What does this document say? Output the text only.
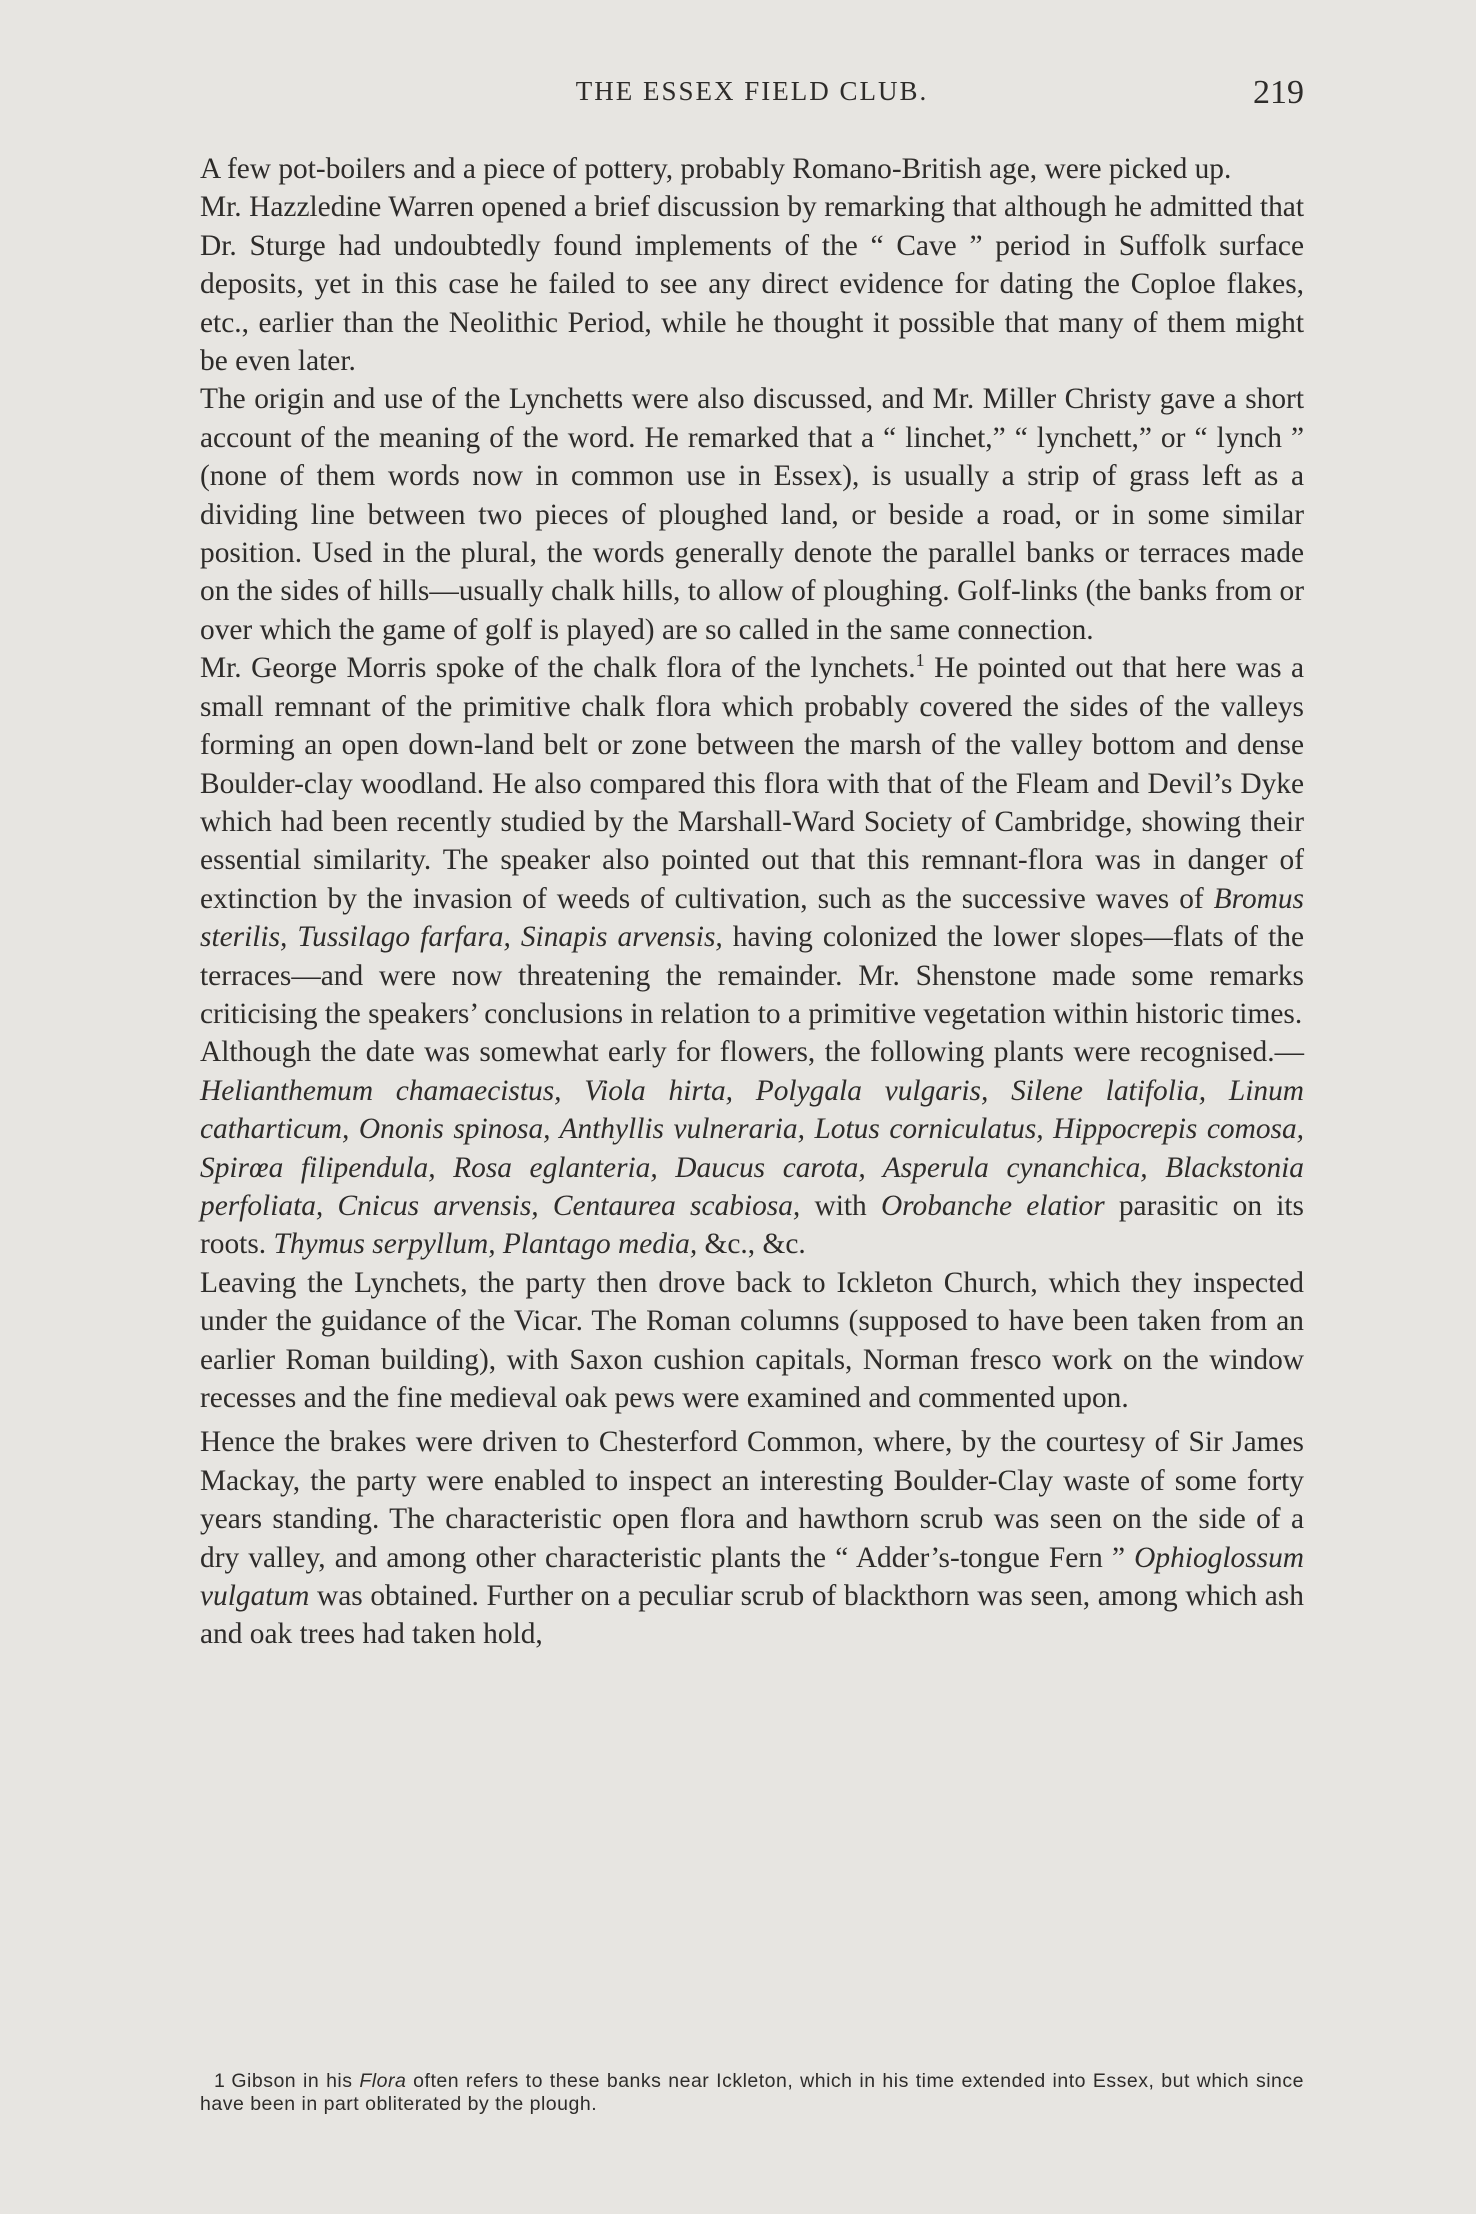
THE ESSEX FIELD CLUB.	219

A few pot-boilers and a piece of pottery, probably Romano-British age, were picked up.

Mr. Hazzledine Warren opened a brief discussion by remarking that although he admitted that Dr. Sturge had undoubtedly found implements of the “ Cave ” period in Suffolk surface deposits, yet in this case he failed to see any direct evidence for dating the Coploe flakes, etc., earlier than the Neolithic Period, while he thought it possible that many of them might be even later.

The origin and use of the Lynchetts were also discussed, and Mr. Miller Christy gave a short account of the meaning of the word. He remarked that a “ linchet,” “ lynchett,” or “ lynch ” (none of them words now in common use in Essex), is usually a strip of grass left as a dividing line between two pieces of ploughed land, or beside a road, or in some similar position. Used in the plural, the words generally denote the parallel banks or terraces made on the sides of hills—usually chalk hills, to allow of ploughing. Golf-links (the banks from or over which the game of golf is played) are so called in the same connection.

Mr. George Morris spoke of the chalk flora of the lynchets.$^1$ He pointed out that here was a small remnant of the primitive chalk flora which probably covered the sides of the valleys forming an open down-land belt or zone between the marsh of the valley bottom and dense Boulder-clay woodland. He also compared this flora with that of the Fleam and Devil’s Dyke which had been recently studied by the Marshall-Ward Society of Cambridge, showing their essential similarity. The speaker also pointed out that this remnant-flora was in danger of extinction by the invasion of weeds of cultivation, such as the successive waves of Bromus sterilis, Tussilago farfara, Sinapis arvensis, having colonized the lower slopes—flats of the terraces—and were now threatening the remainder. Mr. Shenstone made some remarks criticising the speakers’ conclusions in relation to a primitive vegetation within historic times.

Although the date was somewhat early for flowers, the following plants were recognised.—Helianthemum chamaecistus, Viola hirta, Polygala vulgaris, Silene latifolia, Linum catharticum, Ononis spinosa, Anthyllis vulneraria, Lotus corniculatus, Hippocrepis comosa, Spirœa filipendula, Rosa eglanteria, Daucus carota, Asperula cynanchica, Blackstonia perfoliata, Cnicus arvensis, Centaurea scabiosa, with Orobanche elatior parasitic on its roots. Thymus serpyllum, Plantago media, &c., &c.

Leaving the Lynchets, the party then drove back to Ickleton Church, which they inspected under the guidance of the Vicar. The Roman columns (supposed to have been taken from an earlier Roman building), with Saxon cushion capitals, Norman fresco work on the window recesses and the fine medieval oak pews were examined and commented upon.

Hence the brakes were driven to Chesterford Common, where, by the courtesy of Sir James Mackay, the party were enabled to inspect an interesting Boulder-Clay waste of some forty years standing. The characteristic open flora and hawthorn scrub was seen on the side of a dry valley, and among other characteristic plants the “ Adder’s-tongue Fern ” Ophioglossum vulgatum was obtained. Further on a peculiar scrub of blackthorn was seen, among which ash and oak trees had taken hold,

1 Gibson in his Flora often refers to these banks near Ickleton, which in his time extended into Essex, but which since have been in part obliterated by the plough.
